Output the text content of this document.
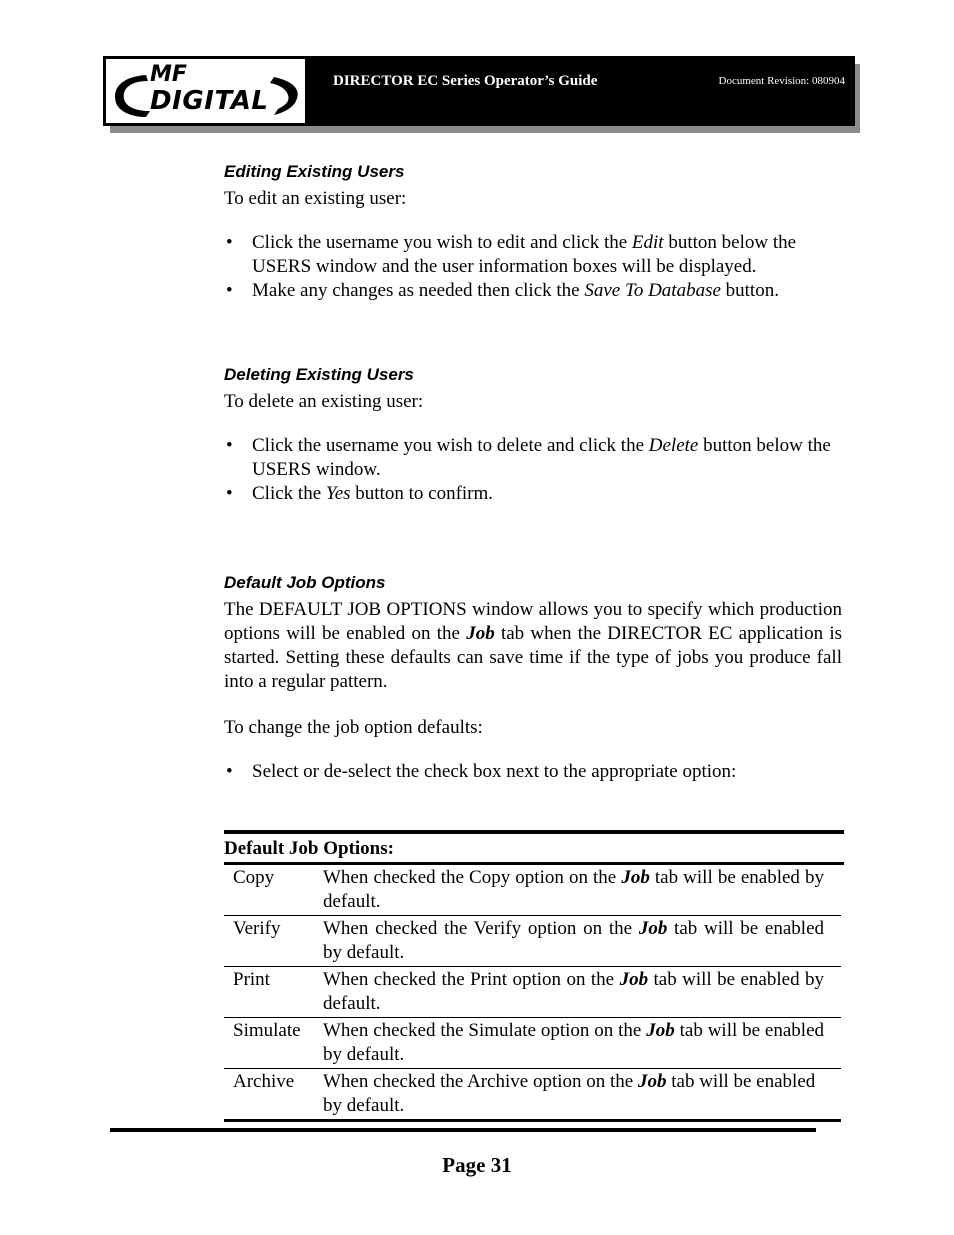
MF
DIGITAL
DIRECTOR EC Series Operator’s Guide	Document Revision: 080904
Editing Existing Users
To edit an existing user:
• Click the username you wish to edit and click the Edit button below the USERS window and the user information boxes will be displayed.
• Make any changes as needed then click the Save To Database button.
Deleting Existing Users
To delete an existing user:
• Click the username you wish to delete and click the Delete button below the USERS window.
• Click the Yes button to confirm.
Default Job Options
The DEFAULT JOB OPTIONS window allows you to specify which production options will be enabled on the Job tab when the DIRECTOR EC application is started. Setting these defaults can save time if the type of jobs you produce fall into a regular pattern.
To change the job option defaults:
• Select or de-select the check box next to the appropriate option:
Default Job Options:
Copy	When checked the Copy option on the Job tab will be enabled by default.
Verify	When checked the Verify option on the Job tab will be enabled by default.
Print	When checked the Print option on the Job tab will be enabled by default.
Simulate	When checked the Simulate option on the Job tab will be enabled by default.
Archive	When checked the Archive option on the Job tab will be enabled by default.
Page 31
